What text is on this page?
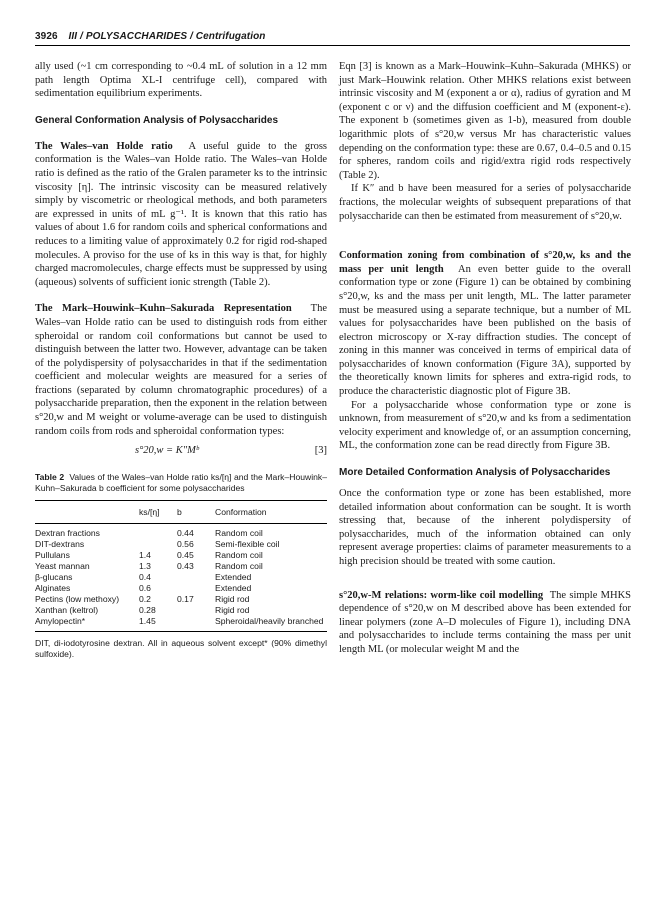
3926 III / POLYSACCHARIDES / Centrifugation

ally used (~1 cm corresponding to ~0.4 mL of solution in a 12 mm path length Optima XL-I centrifuge cell), compared with sedimentation equilibrium experiments.

General Conformation Analysis of Polysaccharides

The Wales–van Holde ratio A useful guide to the gross conformation is the Wales–van Holde ratio. The Wales–van Holde ratio is defined as the ratio of the Gralen parameter ks to the intrinsic viscosity [η]. The intrinsic viscosity can be measured relatively simply by viscometric or rheological methods, and both parameters are expressed in units of mL g⁻¹. It is known that this ratio has values of about 1.6 for random coils and spherical conformations and reduces to a limiting value of approximately 0.2 for rigid rod-shaped molecules. A proviso for the use of ks in this way is that, for highly charged macromolecules, charge effects must be suppressed by using (aqueous) solvents of sufficient ionic strength (Table 2).

The Mark–Houwink–Kuhn–Sakurada Representation The Wales–van Holde ratio can be used to distinguish rods from either spheroidal or random coil conformations but cannot be used to distinguish between the latter two. However, advantage can be taken of the polydispersity of polysaccharides in that if the sedimentation coefficient and molecular weights are measured for a series of fractions (separated by column chromatographic procedures) of a polysaccharide preparation, then the exponent in the relation between s°20,w and M weight or volume-average can be used to distinguish random coils from rods and spheroidal conformation types:

s°20,w = K″Mᵇ	[3]

Table 2 Values of the Wales–van Holde ratio ks/[η] and the Mark–Houwink–Kuhn–Sakurada b coefficient for some polysaccharides

	ks/[η]	b	Conformation
Dextran fractions		0.44	Random coil
DIT-dextrans		0.56	Semi-flexible coil
Pullulans	1.4	0.45	Random coil
Yeast mannan	1.3	0.43	Random coil
β-glucans	0.4		Extended
Alginates	0.6		Extended
Pectins (low methoxy)	0.2	0.17	Rigid rod
Xanthan (keltrol)	0.28		Rigid rod
Amylopectin*	1.45		Spheroidal/heavily branched

DIT, di-iodotyrosine dextran. All in aqueous solvent except* (90% dimethyl sulfoxide).

Eqn [3] is known as a Mark–Houwink–Kuhn–Sakurada (MHKS) or just Mark–Houwink relation. Other MHKS relations exist between intrinsic viscosity and M (exponent a or α), radius of gyration and M (exponent c or ν) and the diffusion coefficient and M (exponent-ε). The exponent b (sometimes given as 1-b), measured from double logarithmic plots of s°20,w versus Mr has characteristic values depending on the conformation type: these are 0.67, 0.4–0.5 and 0.15 for spheres, random coils and rigid/extra rigid rods respectively (Table 2).

If K″ and b have been measured for a series of polysaccharide fractions, the molecular weights of subsequent preparations of that polysaccharide can then be estimated from measurement of s°20,w.

Conformation zoning from combination of s°20,w, ks and the mass per unit length An even better guide to the overall conformation type or zone (Figure 1) can be obtained by combining s°20,w, ks and the mass per unit length, ML. The latter parameter must be measured using a separate technique, but a number of ML values for polysaccharides have been published on the basis of electron microscopy or X-ray diffraction studies. The concept of zoning in this manner was conceived in terms of empirical data of polysaccharides of known conformation (Figure 3A), supported by the theoretically known limits for spheres and extra-rigid rods, to produce the characteristic diagnostic plot of Figure 3B.

For a polysaccharide whose conformation type or zone is unknown, from measurement of s°20,w and ks from a sedimentation velocity experiment and knowledge of, or an assumption concerning, ML, the conformation zone can be read directly from Figure 3B.

More Detailed Conformation Analysis of Polysaccharides

Once the conformation type or zone has been established, more detailed information about conformation can be sought. It is worth stressing that, because of the inherent polydispersity of polysaccharides, much of the information obtained can only represent average properties: claims of parameter measurements to a high precision should be treated with some caution.

s°20,w-M relations: worm-like coil modelling The simple MHKS dependence of s°20,w on M described above has been extended for linear polymers (zone A–D molecules of Figure 1), including DNA and polysaccharides to include terms containing the mass per unit length ML (or molecular weight M and the
